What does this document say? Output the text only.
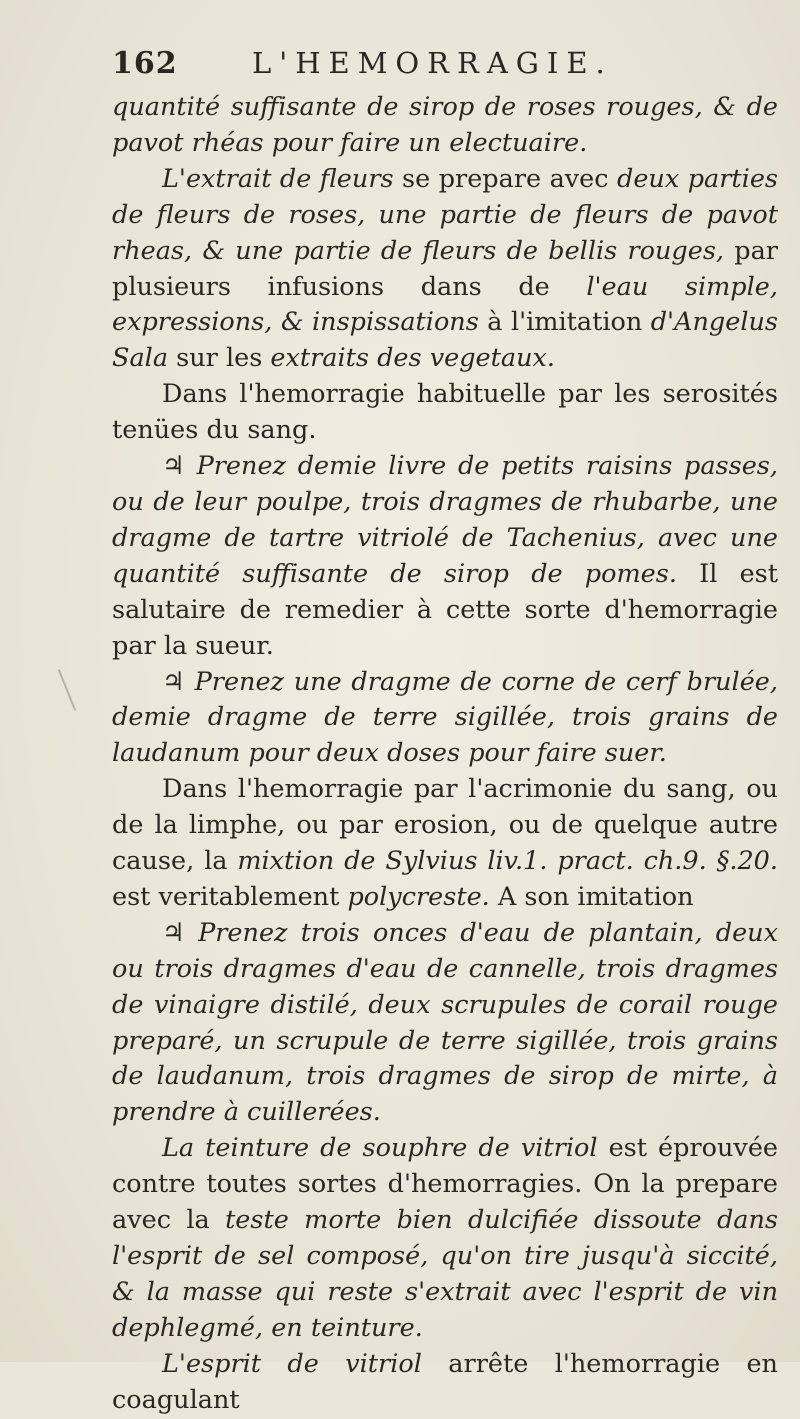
162	L'HEMORRAGIE.

quantité suffisante de sirop de roses rouges, & de pavot rhéas pour faire un electuaire.

L'extrait de fleurs se prepare avec deux parties de fleurs de roses, une partie de fleurs de pavot rheas, & une partie de fleurs de bellis rouges, par plusieurs infusions dans de l'eau simple, expressions, & inspissations à l'imitation d'Angelus Sala sur les extraits des vegetaux.

Dans l'hemorragie habituelle par les serosités tenües du sang.

♃ Prenez demie livre de petits raisins passes, ou de leur poulpe, trois dragmes de rhubarbe, une dragme de tartre vitriolé de Tachenius, avec une quantité suffisante de sirop de pomes. Il est salutaire de remedier à cette sorte d'hemorragie par la sueur.

♃ Prenez une dragme de corne de cerf brulée, demie dragme de terre sigillée, trois grains de laudanum pour deux doses pour faire suer.

Dans l'hemorragie par l'acrimonie du sang, ou de la limphe, ou par erosion, ou de quelque autre cause, la mixtion de Sylvius liv.1. pract. ch.9. §.20. est veritablement polycreste. A son imitation

♃ Prenez trois onces d'eau de plantain, deux ou trois dragmes d'eau de cannelle, trois dragmes de vinaigre distilé, deux scrupules de corail rouge preparé, un scrupule de terre sigillée, trois grains de laudanum, trois dragmes de sirop de mirte, à prendre à cuillerées.

La teinture de souphre de vitriol est éprouvée contre toutes sortes d'hemorragies. On la prepare avec la teste morte bien dulcifiée dissoute dans l'esprit de sel composé, qu'on tire jusqu'à siccité, & la masse qui reste s'extrait avec l'esprit de vin dephlegmé, en teinture.

L'esprit de vitriol arrête l'hemorragie en coagulant
